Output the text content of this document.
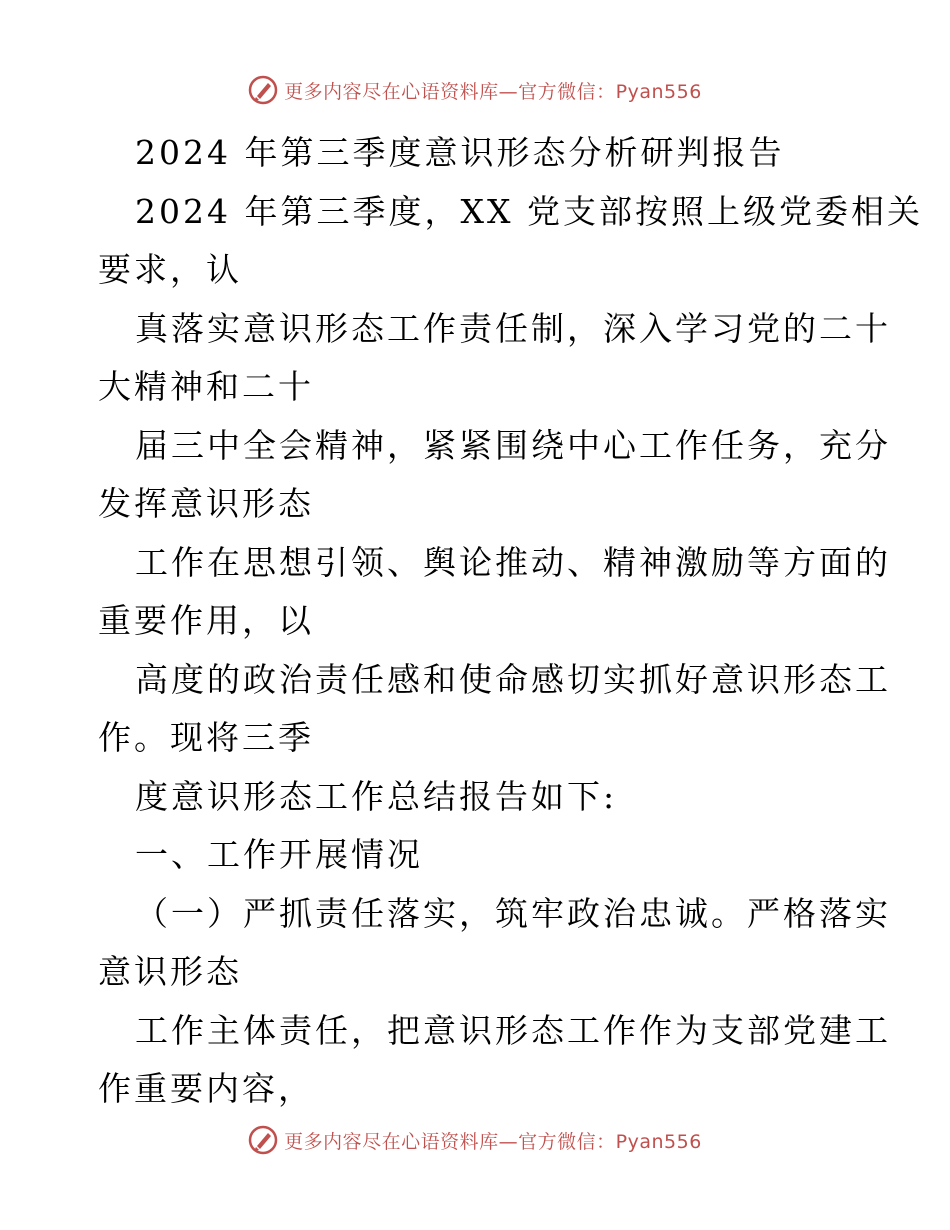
更多内容尽在心语资料库—官方微信：Pyan556
2024 年第三季度意识形态分析研判报告
2024 年第三季度，XX 党支部按照上级党委相关
要求，认
真落实意识形态工作责任制，深入学习党的二十
大精神和二十
届三中全会精神，紧紧围绕中心工作任务，充分
发挥意识形态
工作在思想引领、舆论推动、精神激励等方面的
重要作用，以
高度的政治责任感和使命感切实抓好意识形态工
作。现将三季
度意识形态工作总结报告如下:
一、工作开展情况
（一）严抓责任落实，筑牢政治忠诚。严格落实
意识形态
工作主体责任，把意识形态工作作为支部党建工
作重要内容，
更多内容尽在心语资料库—官方微信：Pyan556
